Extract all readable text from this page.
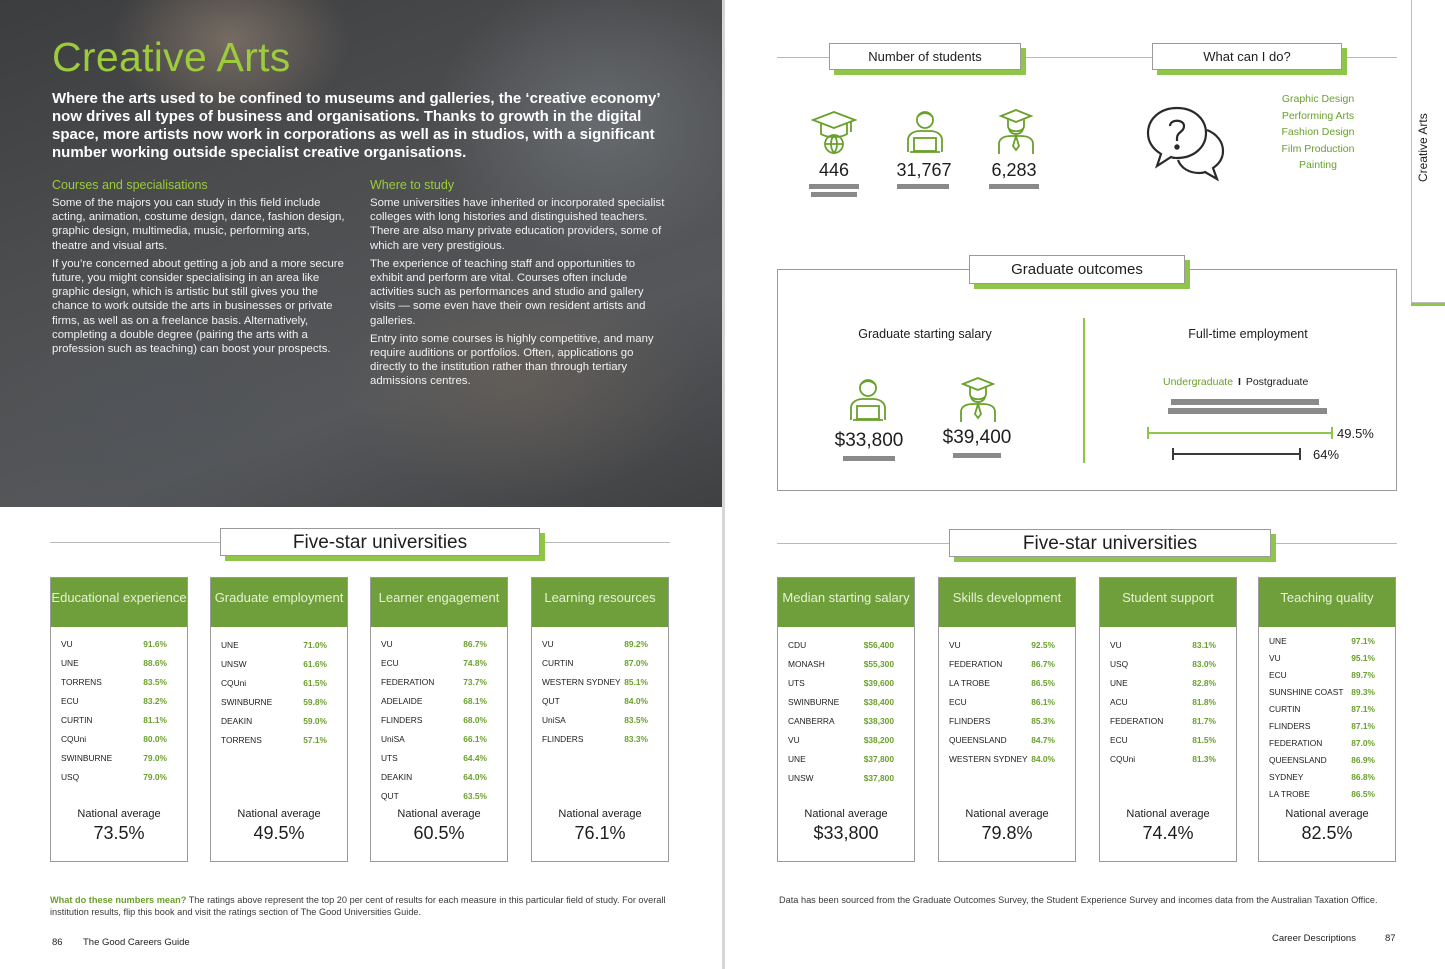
Creative Arts
Where the arts used to be confined to museums and galleries, the ‘creative economy’ now drives all types of business and organisations. Thanks to growth in the digital space, more artists now work in corporations as well as in studios, with a significant number working outside specialist creative organisations.
Courses and specialisations

Some of the majors you can study in this field include acting, animation, costume design, dance, fashion design, graphic design, multimedia, music, performing arts, theatre and visual arts.

If you’re concerned about getting a job and a more secure future, you might consider specialising in an area like graphic design, which is artistic but still gives you the chance to work outside the arts in businesses or private firms, as well as on a freelance basis. Alternatively, completing a double degree (pairing the arts with a profession such as teaching) can boost your prospects.

Where to study

Some universities have inherited or incorporated specialist colleges with long histories and distinguished teachers. There are also many private education providers, some of which are very prestigious.

The experience of teaching staff and opportunities to exhibit and perform are vital. Courses often include activities such as performances and studio and gallery visits — some even have their own resident artists and galleries.

Entry into some courses is highly competitive, and many require auditions or portfolios. Often, applications go directly to the institution rather than through tertiary admissions centres.

Five-star universities
Educational experience
VU	91.6%
UNE	88.6%
TORRENS	83.5%
ECU	83.2%
CURTIN	81.1%
CQUni	80.0%
SWINBURNE	79.0%
USQ	79.0%
National average
73.5%
Graduate employment
UNE	71.0%
UNSW	61.6%
CQUni	61.5%
SWINBURNE	59.8%
DEAKIN	59.0%
TORRENS	57.1%
National average
49.5%
Learner engagement
VU	86.7%
ECU	74.8%
FEDERATION	73.7%
ADELAIDE	68.1%
FLINDERS	68.0%
UniSA	66.1%
UTS	64.4%
DEAKIN	64.0%
QUT	63.5%
National average
60.5%
Learning resources
VU	89.2%
CURTIN	87.0%
WESTERN SYDNEY 85.1%
QUT	84.0%
UniSA	83.5%
FLINDERS	83.3%
National average
76.1%
What do these numbers mean? The ratings above represent the top 20 per cent of results for each measure in this particular field of study. For overall institution results, flip this book and visit the ratings section of The Good Universities Guide.
86 The Good Careers Guide
Number of students	What can I do?
446	31,767	6,283
Graphic Design
Performing Arts
Fashion Design
Film Production
Painting	Creative Arts
Graduate outcomes
Graduate starting salary	Full-time employment
$33,800	$39,400
Undergraduate I Postgraduate
49.5%
64%
Five-star universities
Median starting salary
CDU	$56,400
MONASH	$55,300
UTS	$39,600
SWINBURNE	$38,400
CANBERRA	$38,300
VU	$38,200
UNE	$37,800
UNSW	$37,800
National average
$33,800
Skills development
VU	92.5%
FEDERATION	86.7%
LA TROBE	86.5%
ECU	86.1%
FLINDERS	85.3%
QUEENSLAND	84.7%
WESTERN SYDNEY 84.0%
National average
79.8%
Student support
VU	83.1%
USQ	83.0%
UNE	82.8%
ACU	81.8%
FEDERATION	81.7%
ECU	81.5%
CQUni	81.3%
National average
74.4%
Teaching quality
UNE	97.1%
VU	95.1%
ECU	89.7%
SUNSHINE COAST 89.3%
CURTIN	87.1%
FLINDERS	87.1%
FEDERATION	87.0%
QUEENSLAND	86.9%
SYDNEY	86.8%
LA TROBE	86.5%
National average
82.5%
Data has been sourced from the Graduate Outcomes Survey, the Student Experience Survey and incomes data from the Australian Taxation Office.
Career Descriptions	87
